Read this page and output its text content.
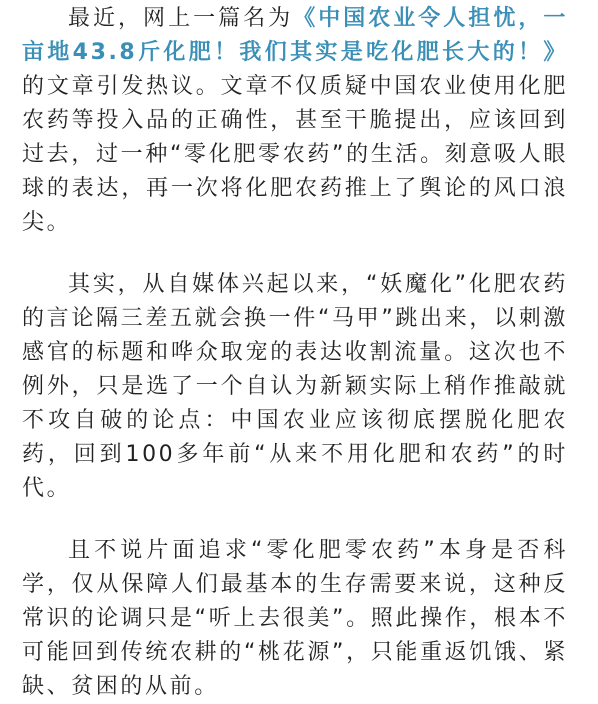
最近，网上一篇名为《中国农业令人担忧，一亩地43.8斤化肥！我们其实是吃化肥长大的！》的文章引发热议。文章不仅质疑中国农业使用化肥农药等投入品的正确性，甚至干脆提出，应该回到过去，过一种“零化肥零农药”的生活。刻意吸人眼球的表达，再一次将化肥农药推上了舆论的风口浪尖。

其实，从自媒体兴起以来，“妖魔化”化肥农药的言论隔三差五就会换一件“马甲”跳出来，以刺激感官的标题和哗众取宠的表达收割流量。这次也不例外，只是选了一个自认为新颖实际上稍作推敲就不攻自破的论点：中国农业应该彻底摆脱化肥农药，回到100多年前“从来不用化肥和农药”的时代。

且不说片面追求“零化肥零农药”本身是否科学，仅从保障人们最基本的生存需要来说，这种反常识的论调只是“听上去很美”。照此操作，根本不可能回到传统农耕的“桃花源”，只能重返饥饿、紧缺、贫困的从前。
